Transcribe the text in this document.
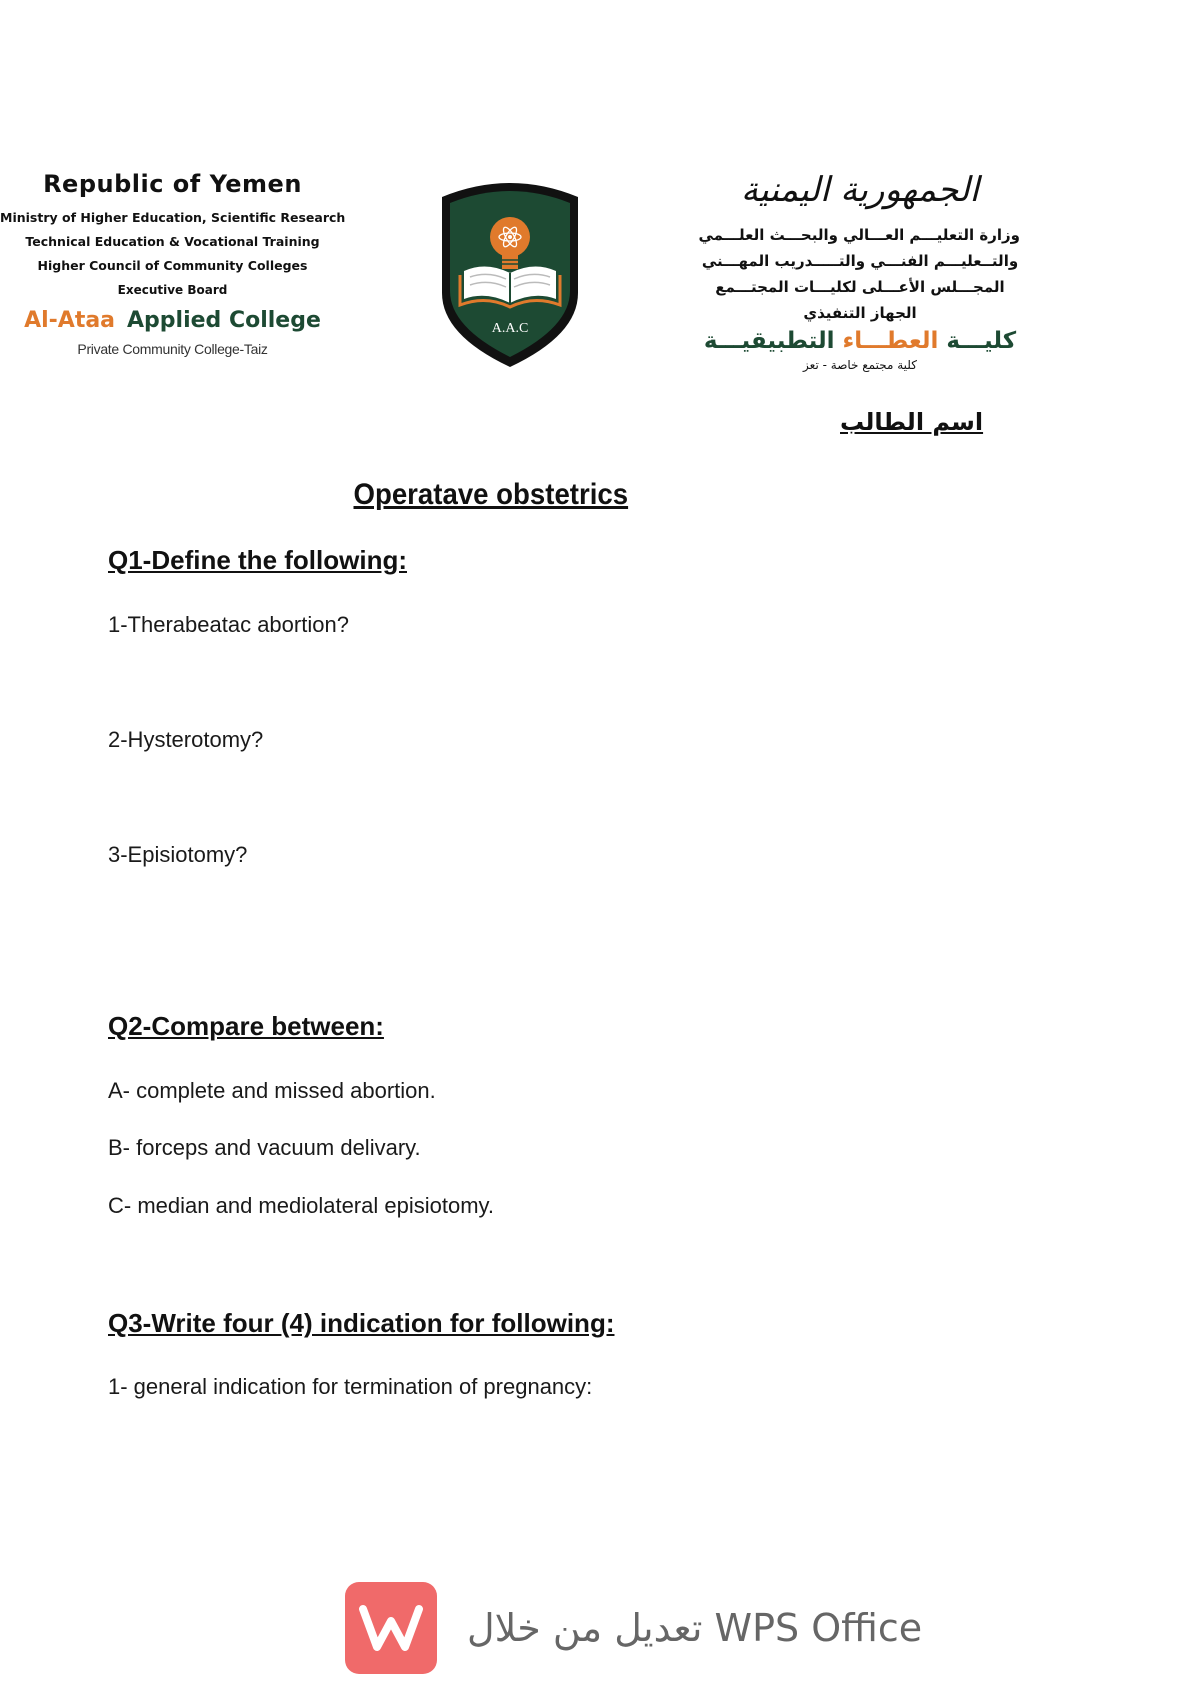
Republic of Yemen
Ministry of Higher Education, Scientific Research
Technical Education & Vocational Training
Higher Council of Community Colleges
Executive Board
Al-Ataa Applied College
Private Community College-Taiz
A.A.C
الجمهورية اليمنية
وزارة التعليـــم العـــالي والبحـــث العلـــمي
والتــعليـــم الفنـــي والتـــــدريب المهـــني
المجـــلس الأعـــلى لكليـــات المجتـــمع
الجهاز التنفيذي
كليـــة العطـــاء التطبيقيـــة
كلية مجتمع خاصة - تعز
اسم الطالب
Operatave obstetrics
Q1-Define the following:
1-Therabeatac abortion?
2-Hysterotomy?
3-Episiotomy?
Q2-Compare between:
A- complete and missed abortion.
B- forceps and vacuum delivary.
C- median and mediolateral episiotomy.
Q3-Write four (4) indication for following:
1- general indication for termination of pregnancy:
تعديل من خلال WPS Office
